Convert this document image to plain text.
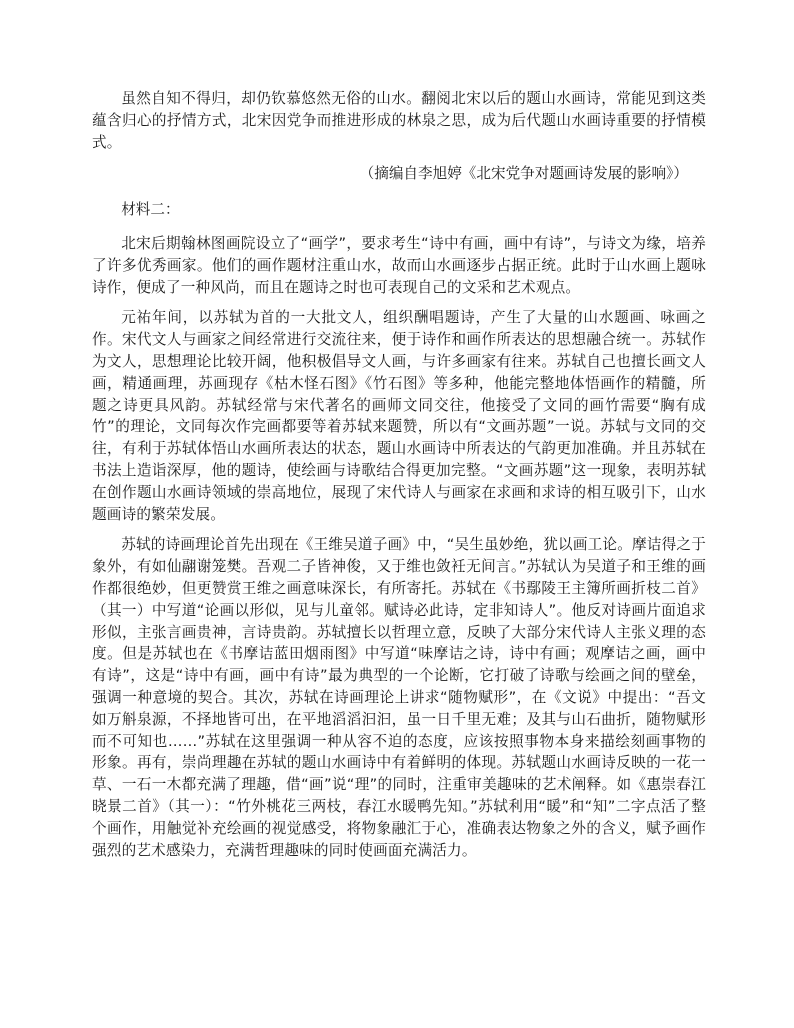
虽然自知不得归，却仍钦慕悠然无俗的山水。翻阅北宋以后的题山水画诗，常能见到这类蕴含归心的抒情方式，北宋因党争而推进形成的林泉之思，成为后代题山水画诗重要的抒情模式。

（摘编自李旭婷《北宋党争对题画诗发展的影响》）

材料二：

北宋后期翰林图画院设立了“画学”，要求考生“诗中有画，画中有诗”，与诗文为缘，培养了许多优秀画家。他们的画作题材注重山水，故而山水画逐步占据正统。此时于山水画上题咏诗作，便成了一种风尚，而且在题诗之时也可表现自己的文采和艺术观点。

元祐年间，以苏轼为首的一大批文人，组织酬唱题诗，产生了大量的山水题画、咏画之作。宋代文人与画家之间经常进行交流往来，便于诗作和画作所表达的思想融合统一。苏轼作为文人，思想理论比较开阔，他积极倡导文人画，与许多画家有往来。苏轼自己也擅长画文人画，精通画理，苏画现存《枯木怪石图》《竹石图》等多种，他能完整地体悟画作的精髓，所题之诗更具风韵。苏轼经常与宋代著名的画师文同交往，他接受了文同的画竹需要“胸有成竹”的理论，文同每次作完画都要等着苏轼来题赞，所以有“文画苏题”一说。苏轼与文同的交往，有利于苏轼体悟山水画所表达的状态，题山水画诗中所表达的气韵更加准确。并且苏轼在书法上造诣深厚，他的题诗，使绘画与诗歌结合得更加完整。“文画苏题”这一现象，表明苏轼在创作题山水画诗领域的崇高地位，展现了宋代诗人与画家在求画和求诗的相互吸引下，山水题画诗的繁荣发展。

苏轼的诗画理论首先出现在《王维吴道子画》中，“吴生虽妙绝，犹以画工论。摩诘得之于象外，有如仙翮谢笼樊。吾观二子皆神俊，又于维也敛衽无间言。”苏轼认为吴道子和王维的画作都很绝妙，但更赞赏王维之画意味深长，有所寄托。苏轼在《书鄢陵王主簿所画折枝二首》（其一）中写道“论画以形似，见与儿童邻。赋诗必此诗，定非知诗人”。他反对诗画片面追求形似，主张言画贵神，言诗贵韵。苏轼擅长以哲理立意，反映了大部分宋代诗人主张义理的态度。但是苏轼也在《书摩诘蓝田烟雨图》中写道“味摩诘之诗，诗中有画；观摩诘之画，画中有诗”，这是“诗中有画，画中有诗”最为典型的一个论断，它打破了诗歌与绘画之间的壁垒，强调一种意境的契合。其次，苏轼在诗画理论上讲求“随物赋形”，在《文说》中提出：“吾文如万斛泉源，不择地皆可出，在平地滔滔汩汩，虽一日千里无难；及其与山石曲折，随物赋形而不可知也……”苏轼在这里强调一种从容不迫的态度，应该按照事物本身来描绘刻画事物的形象。再有，崇尚理趣在苏轼的题山水画诗中有着鲜明的体现。苏轼题山水画诗反映的一花一草、一石一木都充满了理趣，借“画”说“理”的同时，注重审美趣味的艺术阐释。如《惠崇春江晓景二首》（其一）：“竹外桃花三两枝，春江水暖鸭先知。”苏轼利用“暖”和“知”二字点活了整个画作，用触觉补充绘画的视觉感受，将物象融汇于心，准确表达物象之外的含义，赋予画作强烈的艺术感染力，充满哲理趣味的同时使画面充满活力。
